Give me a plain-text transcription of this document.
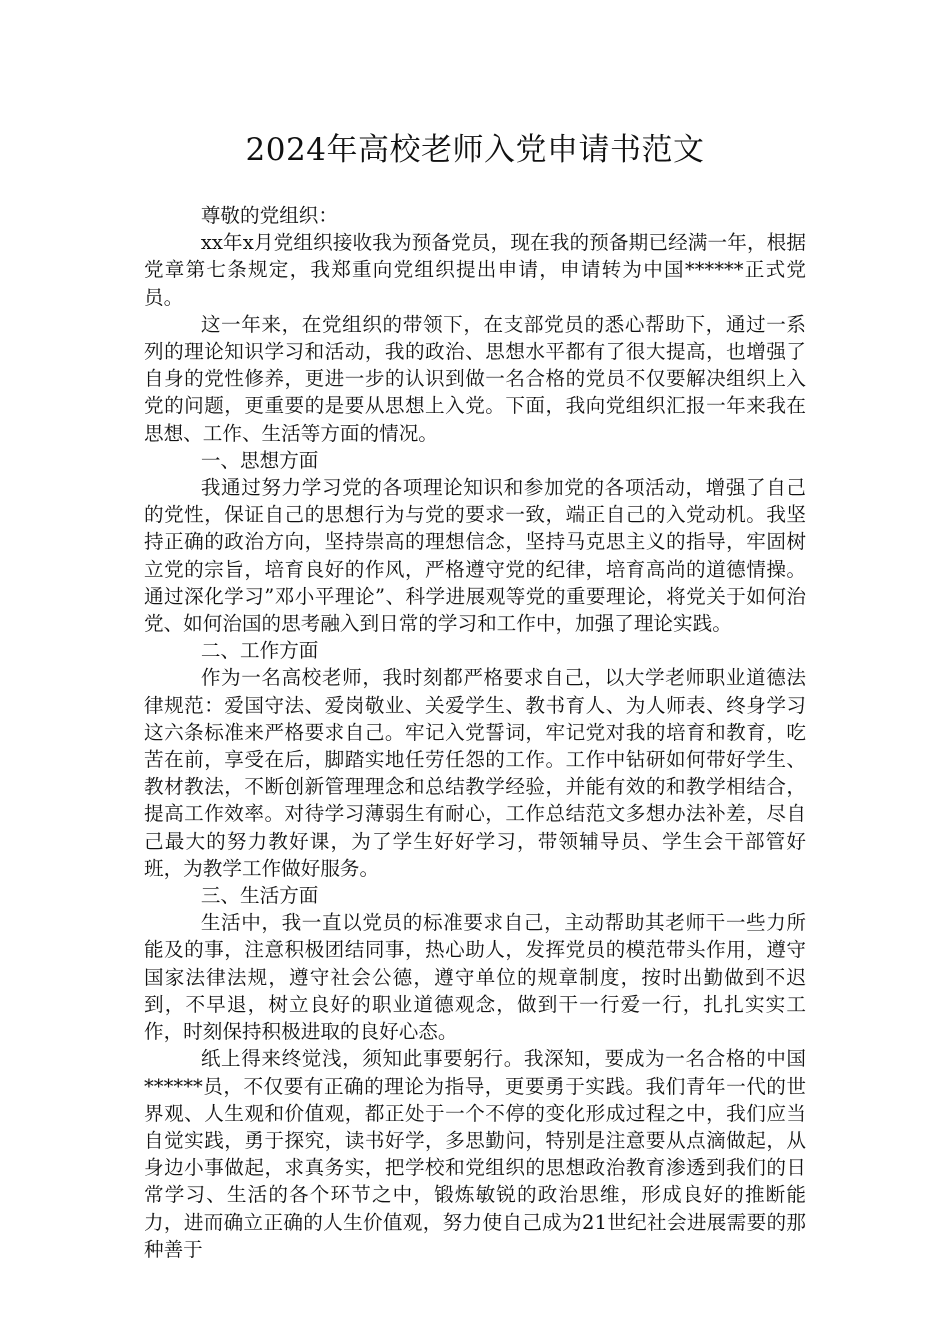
2024年高校老师入党申请书范文

尊敬的党组织：

xx年x月党组织接收我为预备党员，现在我的预备期已经满一年，根据党章第七条规定，我郑重向党组织提出申请，申请转为中国******正式党员。

这一年来，在党组织的带领下，在支部党员的悉心帮助下，通过一系列的理论知识学习和活动，我的政治、思想水平都有了很大提高，也增强了自身的党性修养，更进一步的认识到做一名合格的党员不仅要解决组织上入党的问题，更重要的是要从思想上入党。下面，我向党组织汇报一年来我在思想、工作、生活等方面的情况。

一、思想方面

我通过努力学习党的各项理论知识和参加党的各项活动，增强了自己的党性，保证自己的思想行为与党的要求一致，端正自己的入党动机。我坚持正确的政治方向，坚持崇高的理想信念，坚持马克思主义的指导，牢固树立党的宗旨，培育良好的作风，严格遵守党的纪律，培育高尚的道德情操。通过深化学习”邓小平理论”、科学进展观等党的重要理论，将党关于如何治党、如何治国的思考融入到日常的学习和工作中，加强了理论实践。

二、工作方面

作为一名高校老师，我时刻都严格要求自己，以大学老师职业道德法律规范：爱国守法、爱岗敬业、关爱学生、教书育人、为人师表、终身学习这六条标准来严格要求自己。牢记入党誓词，牢记党对我的培育和教育，吃苦在前，享受在后，脚踏实地任劳任怨的工作。工作中钻研如何带好学生、教材教法，不断创新管理理念和总结教学经验，并能有效的和教学相结合，提高工作效率。对待学习薄弱生有耐心，工作总结范文多想办法补差，尽自己最大的努力教好课，为了学生好好学习，带领辅导员、学生会干部管好班，为教学工作做好服务。

三、生活方面

生活中，我一直以党员的标准要求自己，主动帮助其老师干一些力所能及的事，注意积极团结同事，热心助人，发挥党员的模范带头作用，遵守国家法律法规，遵守社会公德，遵守单位的规章制度，按时出勤做到不迟到，不早退，树立良好的职业道德观念，做到干一行爱一行，扎扎实实工作，时刻保持积极进取的良好心态。

纸上得来终觉浅，须知此事要躬行。我深知，要成为一名合格的中国******员，不仅要有正确的理论为指导，更要勇于实践。我们青年一代的世界观、人生观和价值观，都正处于一个不停的变化形成过程之中，我们应当自觉实践，勇于探究，读书好学，多思勤问，特别是注意要从点滴做起，从身边小事做起，求真务实，把学校和党组织的思想政治教育渗透到我们的日常学习、生活的各个环节之中，锻炼敏锐的政治思维，形成良好的推断能力，进而确立正确的人生价值观，努力使自己成为21世纪社会进展需要的那种善于
